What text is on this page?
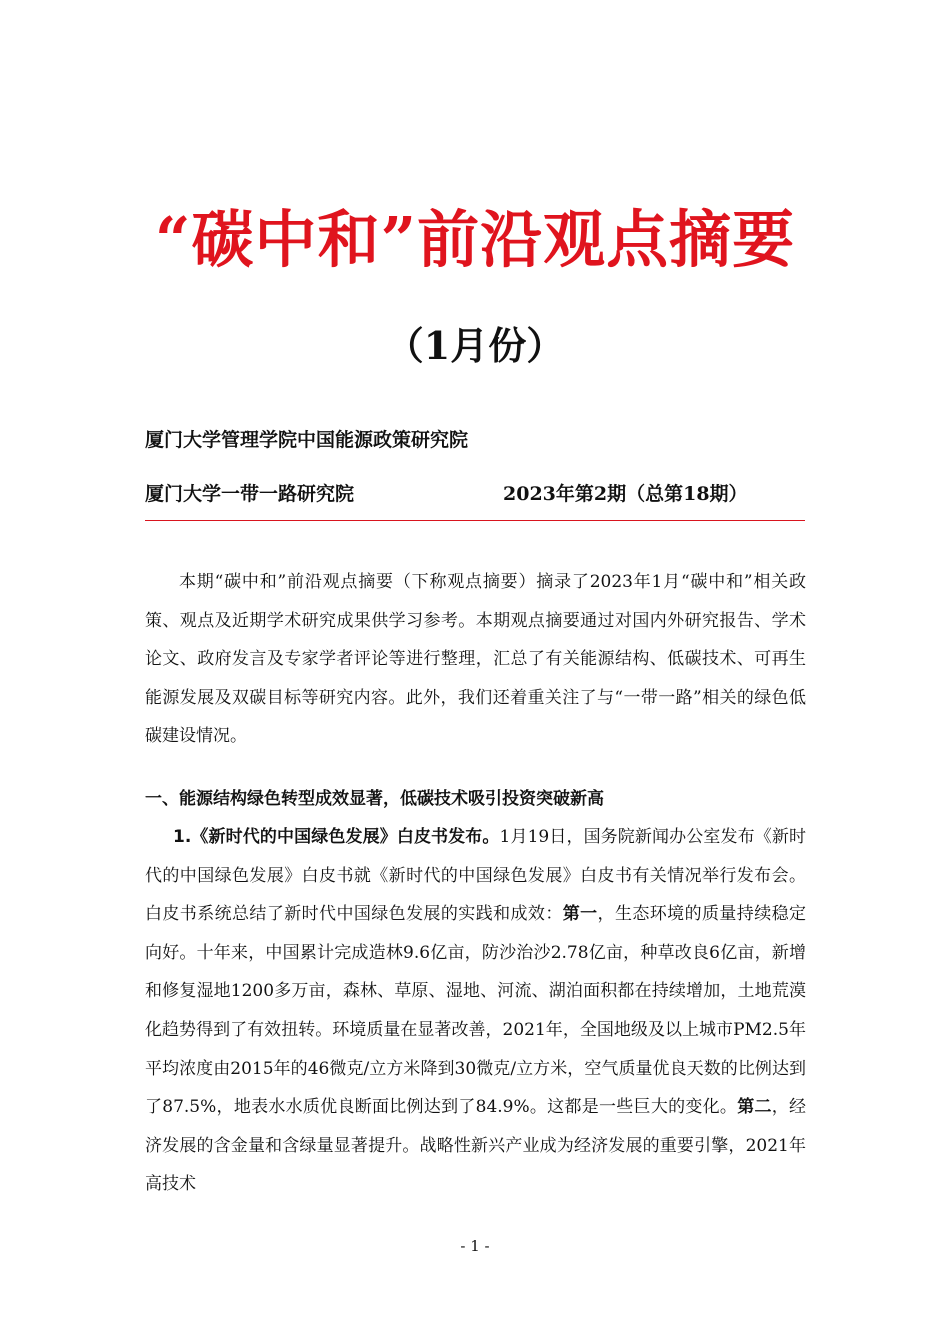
“碳中和”前沿观点摘要
（1月份）
厦门大学管理学院中国能源政策研究院
厦门大学一带一路研究院	2023年第2期（总第18期）
本期“碳中和”前沿观点摘要（下称观点摘要）摘录了2023年1月“碳中和”相关政策、观点及近期学术研究成果供学习参考。本期观点摘要通过对国内外研究报告、学术论文、政府发言及专家学者评论等进行整理，汇总了有关能源结构、低碳技术、可再生能源发展及双碳目标等研究内容。此外，我们还着重关注了与“一带一路”相关的绿色低碳建设情况。
一、能源结构绿色转型成效显著，低碳技术吸引投资突破新高
1.《新时代的中国绿色发展》白皮书发布。1月19日，国务院新闻办公室发布《新时代的中国绿色发展》白皮书就《新时代的中国绿色发展》白皮书有关情况举行发布会。白皮书系统总结了新时代中国绿色发展的实践和成效：第一，生态环境的质量持续稳定向好。十年来，中国累计完成造林9.6亿亩，防沙治沙2.78亿亩，种草改良6亿亩，新增和修复湿地1200多万亩，森林、草原、湿地、河流、湖泊面积都在持续增加，土地荒漠化趋势得到了有效扭转。环境质量在显著改善，2021年，全国地级及以上城市PM2.5年平均浓度由2015年的46微克/立方米降到30微克/立方米，空气质量优良天数的比例达到了87.5%，地表水水质优良断面比例达到了84.9%。这都是一些巨大的变化。第二，经济发展的含金量和含绿量显著提升。战略性新兴产业成为经济发展的重要引擎，2021年高技术
- 1 -
